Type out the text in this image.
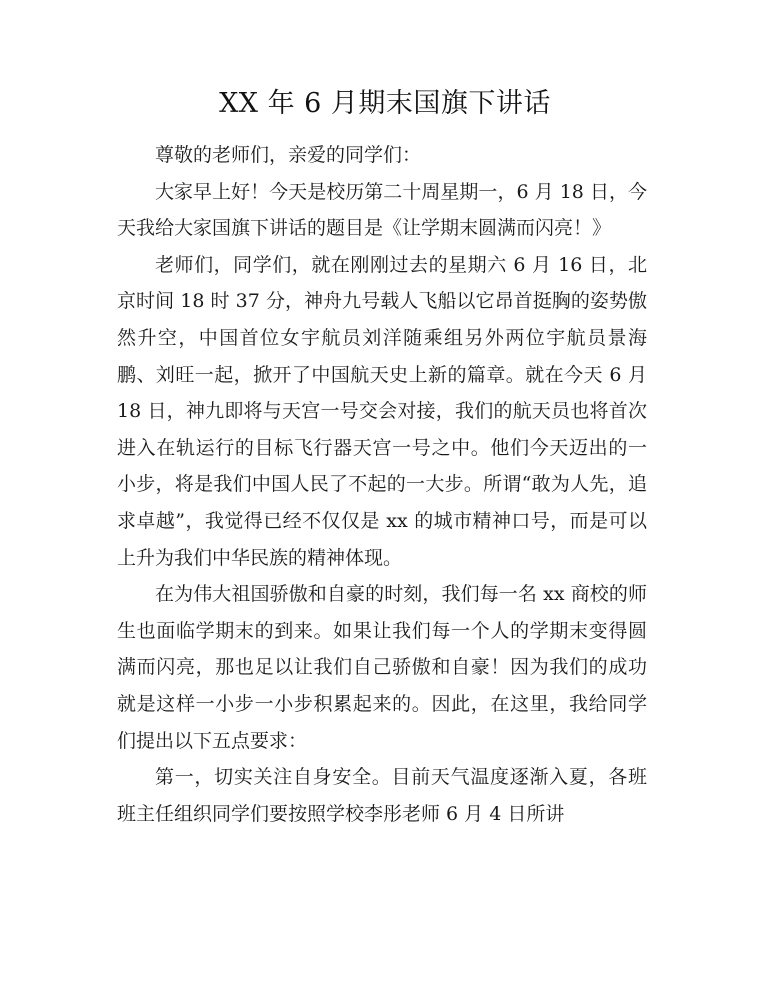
XX 年 6 月期末国旗下讲话

尊敬的老师们，亲爱的同学们：

大家早上好！今天是校历第二十周星期一，6 月 18 日，今天我给大家国旗下讲话的题目是《让学期末圆满而闪亮！》

老师们，同学们，就在刚刚过去的星期六 6 月 16 日，北京时间 18 时 37 分，神舟九号载人飞船以它昂首挺胸的姿势傲然升空，中国首位女宇航员刘洋随乘组另外两位宇航员景海鹏、刘旺一起，掀开了中国航天史上新的篇章。就在今天 6 月 18 日，神九即将与天宫一号交会对接，我们的航天员也将首次进入在轨运行的目标飞行器天宫一号之中。他们今天迈出的一小步，将是我们中国人民了不起的一大步。所谓“敢为人先，追求卓越”，我觉得已经不仅仅是 xx 的城市精神口号，而是可以上升为我们中华民族的精神体现。

在为伟大祖国骄傲和自豪的时刻，我们每一名 xx 商校的师生也面临学期末的到来。如果让我们每一个人的学期末变得圆满而闪亮，那也足以让我们自己骄傲和自豪！因为我们的成功就是这样一小步一小步积累起来的。因此，在这里，我给同学们提出以下五点要求：

第一，切实关注自身安全。目前天气温度逐渐入夏，各班班主任组织同学们要按照学校李彤老师 6 月 4 日所讲
